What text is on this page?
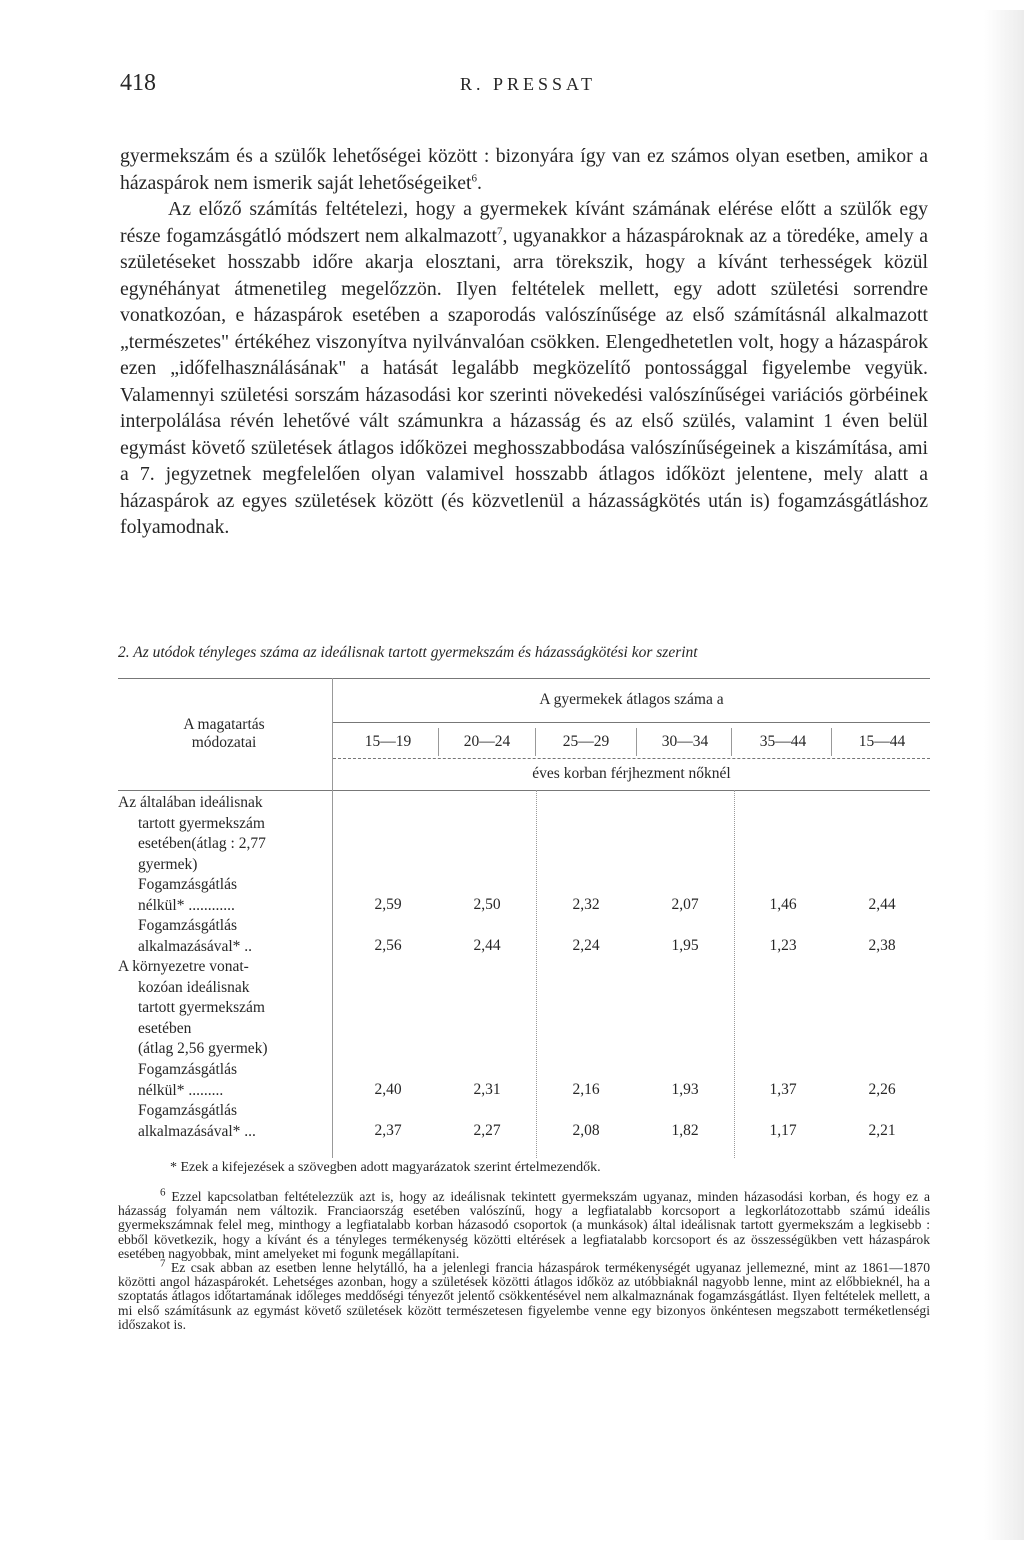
418	R. PRESSAT

gyermekszám és a szülők lehetőségei között : bizonyára így van ez számos olyan esetben, amikor a házaspárok nem ismerik saját lehetőségeiket$^6$.

Az előző számítás feltételezi, hogy a gyermekek kívánt számának elérése előtt a szülők egy része fogamzásgátló módszert nem alkalmazott$^7$, ugyanakkor a házaspároknak az a töredéke, amely a születéseket hosszabb időre akarja elosztani, arra törekszik, hogy a kívánt terhességek közül egynéhányat átmenetileg megelőzzön. Ilyen feltételek mellett, egy adott születési sorrendre vonatkozóan, e házaspárok esetében a szaporodás valószínűsége az első számításnál alkalmazott „természetes" értékéhez viszonyítva nyilvánvalóan csökken. Elengedhetetlen volt, hogy a házaspárok ezen „időfelhasználásának" a hatását legalább megközelítő pontossággal figyelembe vegyük. Valamennyi születési sorszám házasodási kor szerinti növekedési valószínűségei variációs görbéinek interpolálása révén lehetővé vált számunkra a házasság és az első szülés, valamint 1 éven belül egymást követő születések átlagos időközei meghosszabbodása valószínűségeinek a kiszámítása, ami a 7. jegyzetnek megfelelően olyan valamivel hosszabb átlagos időközt jelentene, mely alatt a házaspárok az egyes születések között (és közvetlenül a házasságkötés után is) fogamzásgátláshoz folyamodnak.

2. Az utódok tényleges száma az ideálisnak tartott gyermekszám és házasságkötési kor szerint

A magatartás
módozatai
A gyermekek átlagos száma a
15—19	20—24	25—29	30—34	35—44	15—44
éves korban férjhezment nőknél
Az általában ideálisnak
tartott gyermekszám
esetében(átlag : 2,77
gyermek)
Fogamzásgátlás
nélkül* ............	2,59	2,50	2,32	2,07	1,46	2,44
Fogamzásgátlás
alkalmazásával* ..	2,56	2,44	2,24	1,95	1,23	2,38
A környezetre vonat-
kozóan ideálisnak
tartott gyermekszám
esetében
(átlag 2,56 gyermek)
Fogamzásgátlás
nélkül* .........	2,40	2,31	2,16	1,93	1,37	2,26
Fogamzásgátlás
alkalmazásával* ...	2,37	2,27	2,08	1,82	1,17	2,21

* Ezek a kifejezések a szövegben adott magyarázatok szerint értelmezendők.

$^6$ Ezzel kapcsolatban feltételezzük azt is, hogy az ideálisnak tekintett gyermekszám ugyanaz, minden házasodási korban, és hogy ez a házasság folyamán nem változik. Franciaország esetében valószínű, hogy a legfiatalabb korcsoport a legkorlátozottabb számú ideális gyermekszámnak felel meg, minthogy a legfiatalabb korban házasodó csoportok (a munkások) által ideálisnak tartott gyermekszám a legkisebb : ebből következik, hogy a kívánt és a tényleges termékenység közötti eltérések a legfiatalabb korcsoport és az összességükben vett házaspárok esetében nagyobbak, mint amelyeket mi fogunk megállapítani.

$^7$ Ez csak abban az esetben lenne helytálló, ha a jelenlegi francia házaspárok termékenységét ugyanaz jellemezné, mint az 1861—1870 közötti angol házaspárokét. Lehetséges azonban, hogy a születések közötti átlagos időköz az utóbbiaknál nagyobb lenne, mint az előbbieknél, ha a szoptatás átlagos időtartamának időleges meddőségi tényezőt jelentő csökkentésével nem alkalmaznának fogamzásgátlást. Ilyen feltételek mellett, a mi első számításunk az egymást követő születések között természetesen figyelembe venne egy bizonyos önkéntesen megszabott terméketlenségi időszakot is.
